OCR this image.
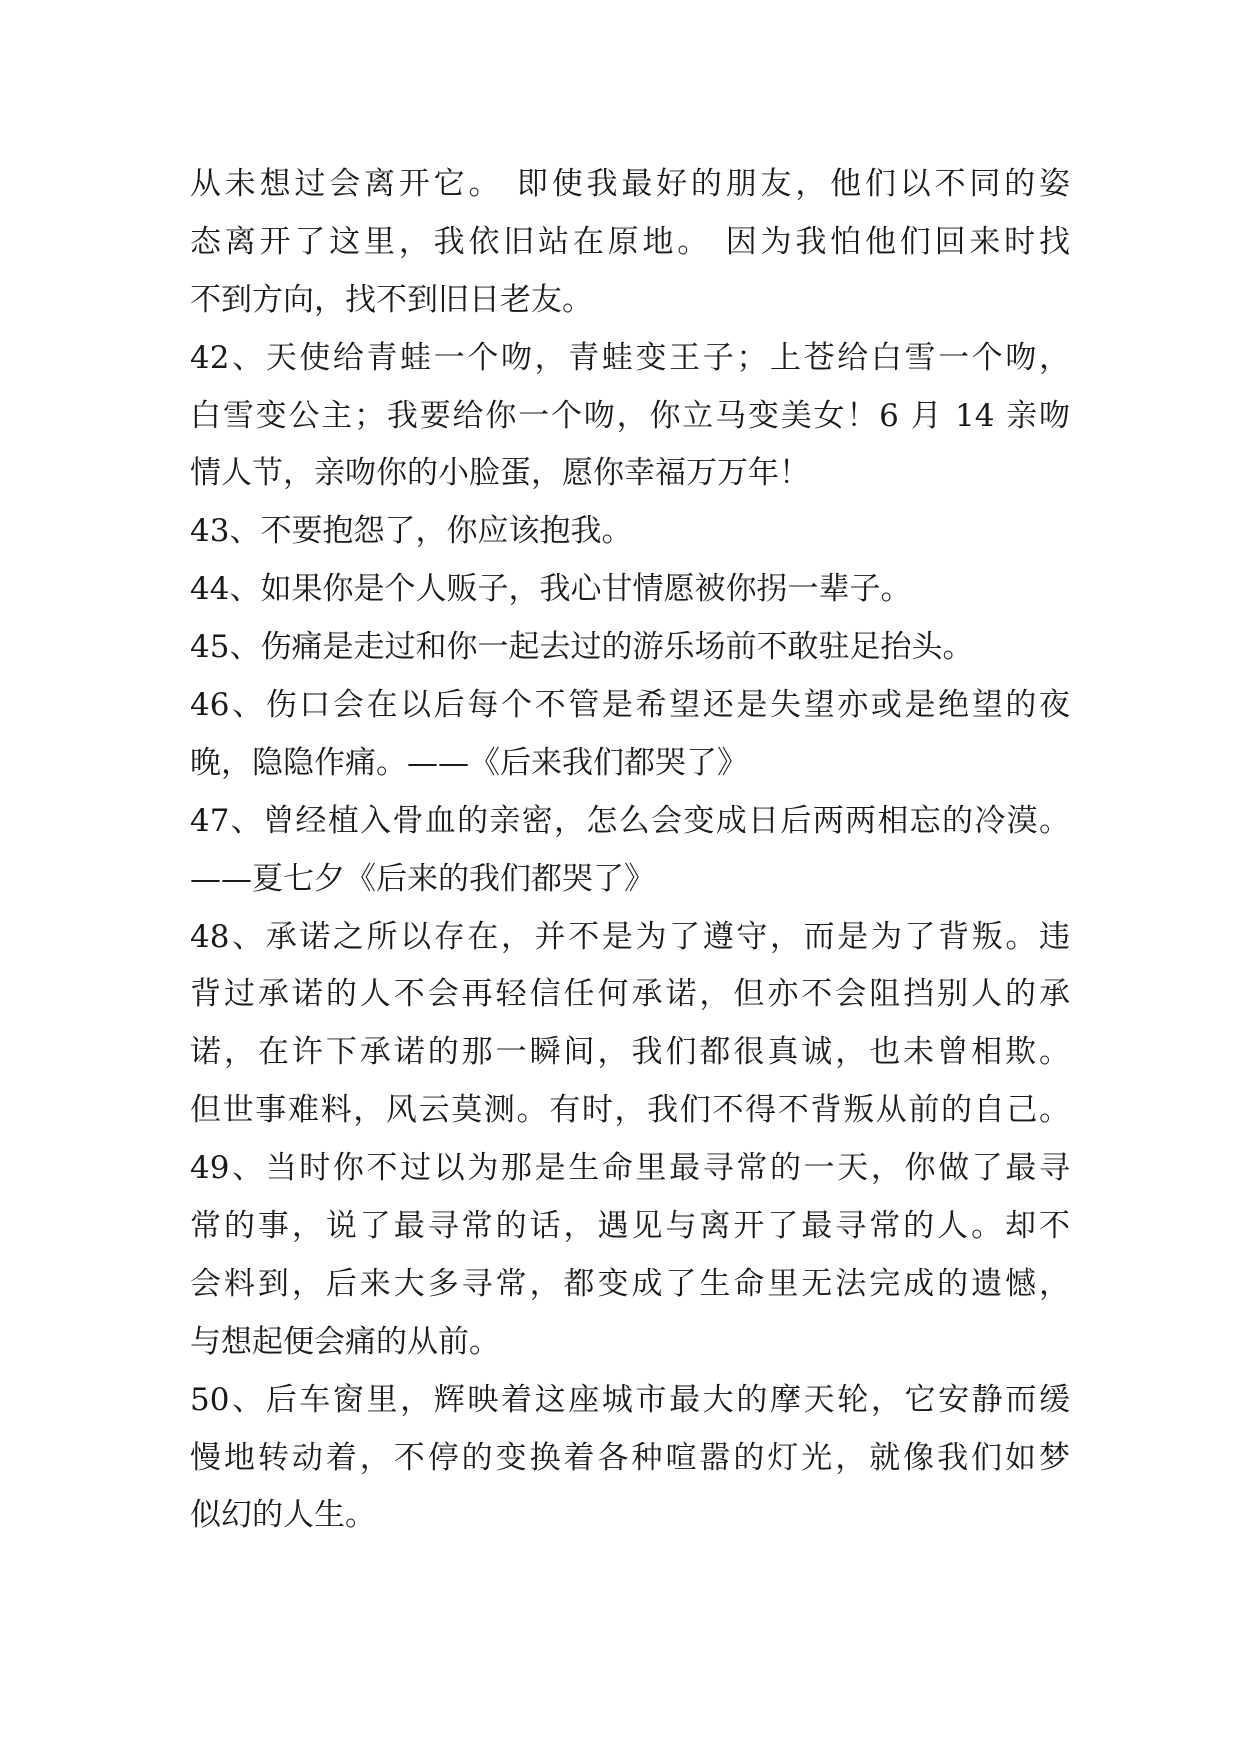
从未想过会离开它。 即使我最好的朋友，他们以不同的姿
态离开了这里，我依旧站在原地。 因为我怕他们回来时找
不到方向，找不到旧日老友。
42、天使给青蛙一个吻，青蛙变王子；上苍给白雪一个吻，
白雪变公主；我要给你一个吻，你立马变美女！6 月 14 亲吻
情人节，亲吻你的小脸蛋，愿你幸福万万年！
43、不要抱怨了，你应该抱我。
44、如果你是个人贩子，我心甘情愿被你拐一辈子。
45、伤痛是走过和你一起去过的游乐场前不敢驻足抬头。
46、伤口会在以后每个不管是希望还是失望亦或是绝望的夜
晚，隐隐作痛。——《后来我们都哭了》
47、曾经植入骨血的亲密，怎么会变成日后两两相忘的冷漠。
——夏七夕《后来的我们都哭了》
48、承诺之所以存在，并不是为了遵守，而是为了背叛。违
背过承诺的人不会再轻信任何承诺，但亦不会阻挡别人的承
诺，在许下承诺的那一瞬间，我们都很真诚，也未曾相欺。
但世事难料，风云莫测。有时，我们不得不背叛从前的自己。
49、当时你不过以为那是生命里最寻常的一天，你做了最寻
常的事，说了最寻常的话，遇见与离开了最寻常的人。却不
会料到，后来大多寻常，都变成了生命里无法完成的遗憾，
与想起便会痛的从前。
50、后车窗里，辉映着这座城市最大的摩天轮，它安静而缓
慢地转动着，不停的变换着各种喧嚣的灯光，就像我们如梦
似幻的人生。
